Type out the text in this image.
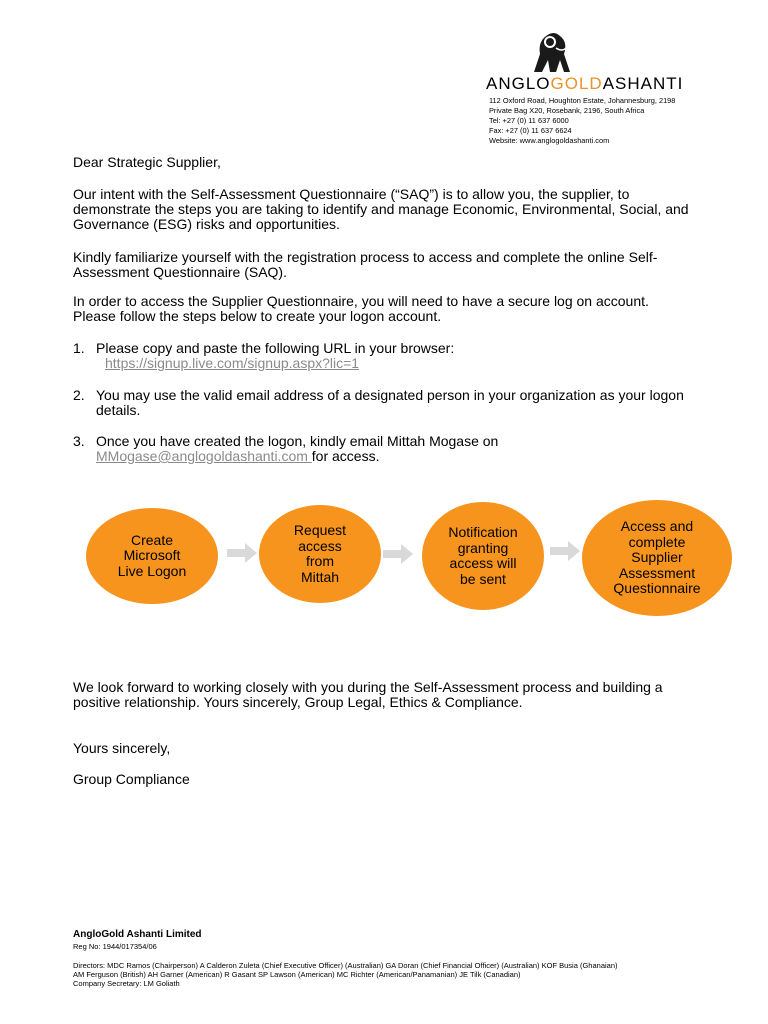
ANGLOGOLDASHANTI
112 Oxford Road, Houghton Estate, Johannesburg, 2198
Private Bag X20, Rosebank, 2196, South Africa
Tel: +27 (0) 11 637 6000
Fax: +27 (0) 11 637 6624
Website: www.anglogoldashanti.com
Dear Strategic Supplier,
Our intent with the Self-Assessment Questionnaire (“SAQ”) is to allow you, the supplier, to demonstrate the steps you are taking to identify and manage Economic, Environmental, Social, and Governance (ESG) risks and opportunities.
Kindly familiarize yourself with the registration process to access and complete the online Self-Assessment Questionnaire (SAQ).
In order to access the Supplier Questionnaire, you will need to have a secure log on account. Please follow the steps below to create your logon account.
1. Please copy and paste the following URL in your browser:
https://signup.live.com/signup.aspx?lic=1
2. You may use the valid email address of a designated person in your organization as your logon details.
3. Once you have created the logon, kindly email Mittah Mogase on
MMogase@anglogoldashanti.com for access.
Create
Microsoft
Live Logon
Request
access
from
Mittah
Notification
granting
access will
be sent
Access and
complete
Supplier
Assessment
Questionnaire
We look forward to working closely with you during the Self-Assessment process and building a positive relationship. Yours sincerely, Group Legal, Ethics & Compliance.
Yours sincerely,
Group Compliance
AngloGold Ashanti Limited
Reg No: 1944/017354/06
Directors: MDC Ramos (Chairperson) A Calderon Zuleta (Chief Executive Officer) (Australian) GA Doran (Chief Financial Officer) (Australian) KOF Busia (Ghanaian)
AM Ferguson (British) AH Garner (American) R Gasant SP Lawson (American) MC Richter (American/Panamanian) JE Tilk (Canadian)
Company Secretary: LM Goliath
